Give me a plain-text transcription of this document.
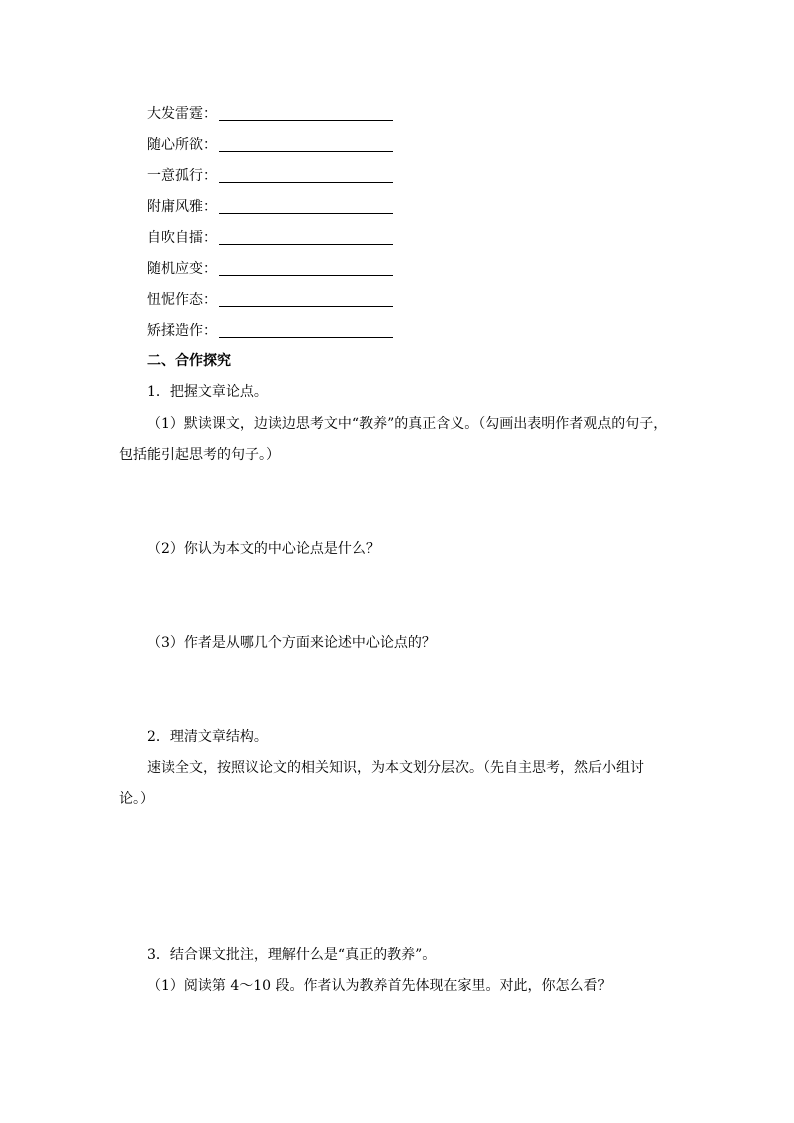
大发雷霆：
随心所欲：
一意孤行：
附庸风雅：
自吹自擂：
随机应变：
忸怩作态：
矫揉造作：
二、合作探究
1．把握文章论点。
（1）默读课文，边读边思考文中“教养”的真正含义。（勾画出表明作者观点的句子，
包括能引起思考的句子。）
（2）你认为本文的中心论点是什么？
（3）作者是从哪几个方面来论述中心论点的？
2．理清文章结构。
速读全文，按照议论文的相关知识，为本文划分层次。（先自主思考，然后小组讨
论。）
3．结合课文批注，理解什么是“真正的教养”。
（1）阅读第 4～10 段。作者认为教养首先体现在家里。对此，你怎么看？
